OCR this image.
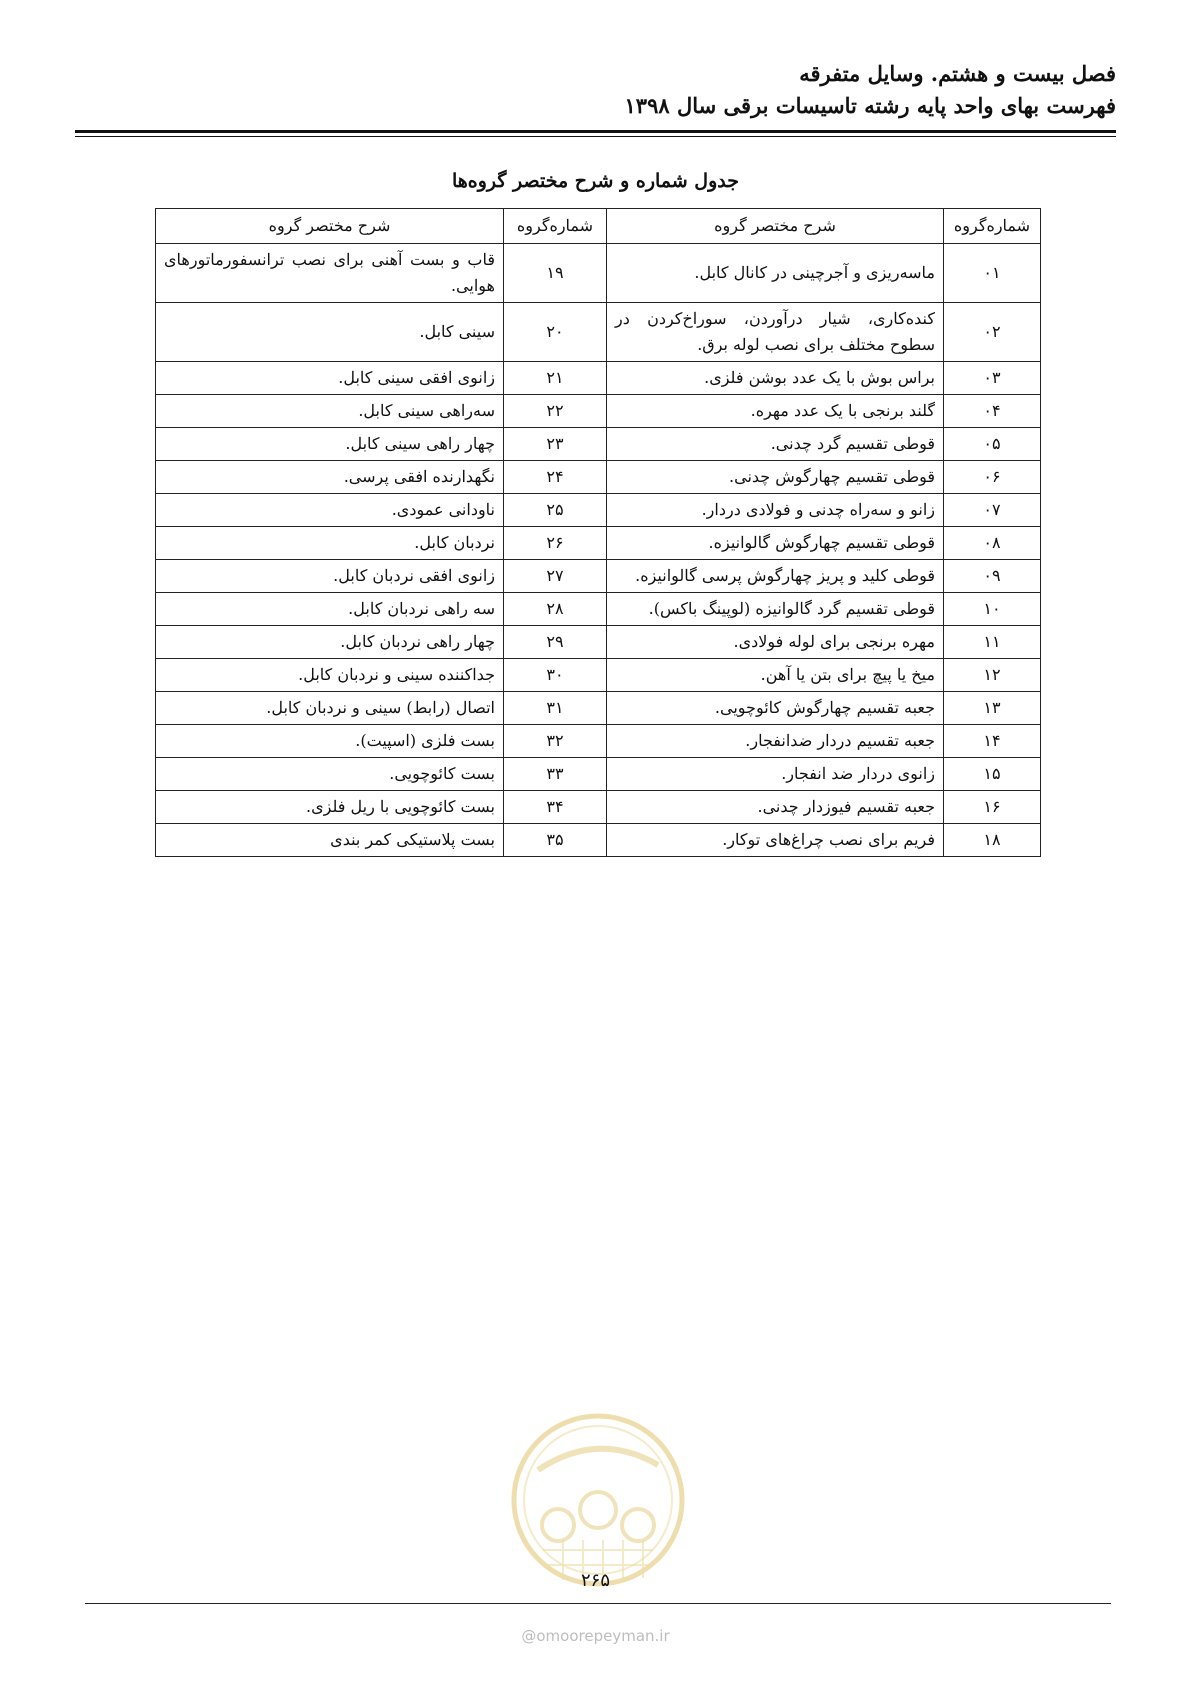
فصل بیست و هشتم. وسایل متفرقه

فهرست بهای واحد پایه رشته تاسیسات برقی سال ۱۳۹۸

جدول شماره و شرح مختصر گروه‌ها
شماره‌گروه	شرح مختصر گروه	شماره‌گروه	شرح مختصر گروه
۰۱	ماسه‌ریزی و آجرچینی در کانال کابل.	۱۹	قاب و بست آهنی برای نصب ترانسفورماتورهای هوایی.
۰۲	کنده‌کاری، شیار درآوردن، سوراخ‌کردن در سطوح مختلف برای نصب لوله برق.	۲۰	سینی کابل.
۰۳	براس بوش با یک عدد بوشن فلزی.	۲۱	زانوی افقی سینی کابل.
۰۴	گلند برنجی با یک عدد مهره.	۲۲	سه‌راهی سینی کابل.
۰۵	قوطی تقسیم گرد چدنی.	۲۳	چهار راهی سینی کابل.
۰۶	قوطی تقسیم چهارگوش چدنی.	۲۴	نگهدارنده افقی پرسی.
۰۷	زانو و سه‌راه چدنی و فولادی دردار.	۲۵	ناودانی عمودی.
۰۸	قوطی تقسیم چهارگوش گالوانیزه.	۲۶	نردبان کابل.
۰۹	قوطی کلید و پریز چهارگوش پرسی گالوانیزه.	۲۷	زانوی افقی نردبان کابل.
۱۰	قوطی تقسیم گرد گالوانیزه (لوپینگ باکس).	۲۸	سه راهی نردبان کابل.
۱۱	مهره برنجی برای لوله فولادی.	۲۹	چهار راهی نردبان کابل.
۱۲	میخ یا پیچ برای بتن یا آهن.	۳۰	جداکننده سینی و نردبان کابل.
۱۳	جعبه تقسیم چهارگوش کائوچویی.	۳۱	اتصال (رابط) سینی و نردبان کابل.
۱۴	جعبه تقسیم دردار ضدانفجار.	۳۲	بست فلزی (اسپیت).
۱۵	زانوی دردار ضد انفجار.	۳۳	بست کائوچویی.
۱۶	جعبه تقسیم فیوزدار چدنی.	۳۴	بست کائوچویی با ریل فلزی.
۱۸	فریم برای نصب چراغ‌های توکار.	۳۵	بست پلاستیکی کمر بندی
۲۶۵
@omoorepeyman.ir
